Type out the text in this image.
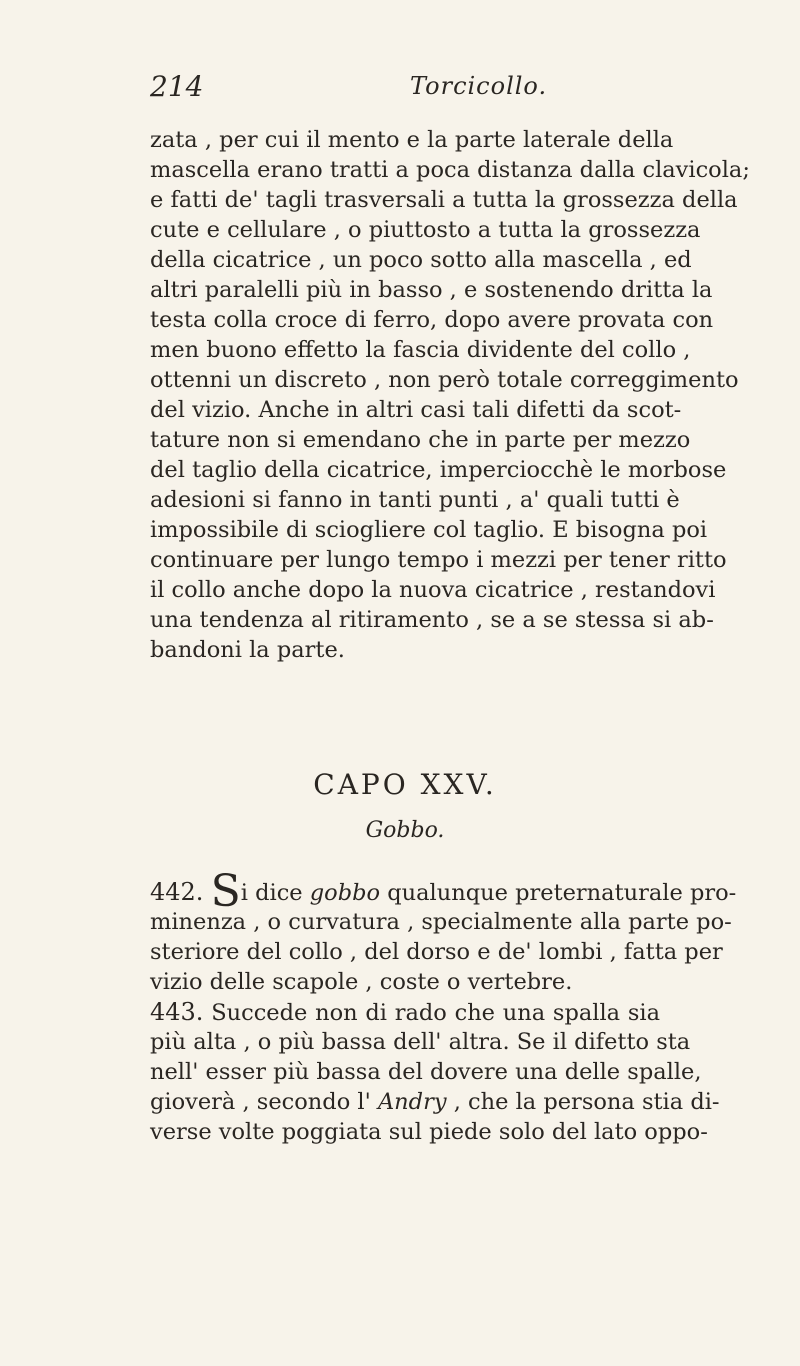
214	Torcicollo.
zata , per cui il mento e la parte laterale della
mascella erano tratti a poca distanza dalla clavicola;
e fatti de' tagli trasversali a tutta la grossezza della
cute e cellulare , o piuttosto a tutta la grossezza
della cicatrice , un poco sotto alla mascella , ed
altri paralelli più in basso , e sostenendo dritta la
testa colla croce di ferro, dopo avere provata con
men buono effetto la fascia dividente del collo ,
ottenni un discreto , non però totale correggimento
del vizio. Anche in altri casi tali difetti da scot-
tature non si emendano che in parte per mezzo
del taglio della cicatrice, imperciocchè le morbose
adesioni si fanno in tanti punti , a' quali tutti è
impossibile di sciogliere col taglio. E bisogna poi
continuare per lungo tempo i mezzi per tener ritto
il collo anche dopo la nuova cicatrice , restandovi
una tendenza al ritiramento , se a se stessa si ab-
bandoni la parte.
CAPO XXV.
Gobbo.
442. Si dice gobbo qualunque preternaturale pro-
minenza , o curvatura , specialmente alla parte po-
steriore del collo , del dorso e de' lombi , fatta per
vizio delle scapole , coste o vertebre.
443. Succede non di rado che una spalla sia
più alta , o più bassa dell' altra. Se il difetto sta
nell' esser più bassa del dovere una delle spalle,
gioverà , secondo l' Andry , che la persona stia di-
verse volte poggiata sul piede solo del lato oppo-
